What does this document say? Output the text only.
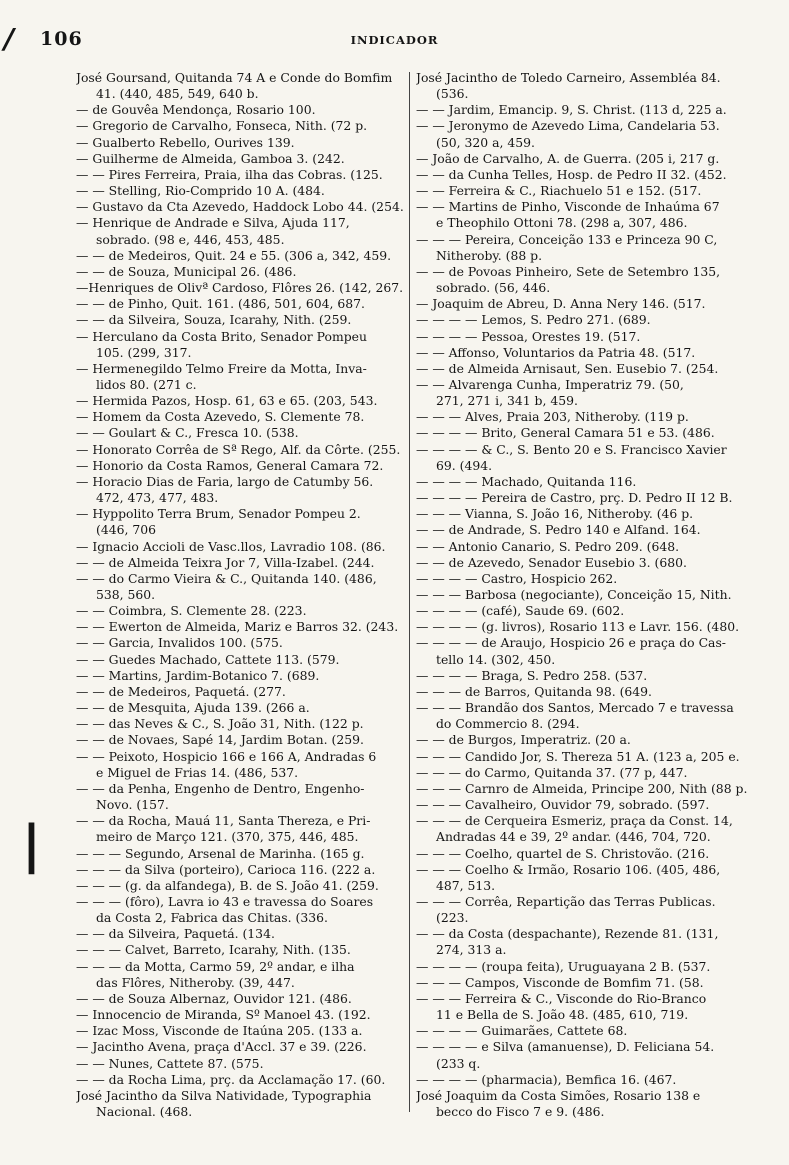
106	INDICADOR
/
|
José Goursand, Quitanda 74 A e Conde do Bomfim
41. (440, 485, 549, 640 b.
— de Gouvêa Mendonça, Rosario 100.
— Gregorio de Carvalho, Fonseca, Nith. (72 p.
— Gualberto Rebello, Ourives 139.
— Guilherme de Almeida, Gamboa 3. (242.
— — Pires Ferreira, Praia, ilha das Cobras. (125.
— — Stelling, Rio-Comprido 10 A. (484.
— Gustavo da Cta Azevedo, Haddock Lobo 44. (254.
— Henrique de Andrade e Silva, Ajuda 117,
sobrado. (98 e, 446, 453, 485.
— — de Medeiros, Quit. 24 e 55. (306 a, 342, 459.
— — de Souza, Municipal 26. (486.
—Henriques de Olivª Cardoso, Flôres 26. (142, 267.
— — de Pinho, Quit. 161. (486, 501, 604, 687.
— — da Silveira, Souza, Icarahy, Nith. (259.
— Herculano da Costa Brito, Senador Pompeu
105. (299, 317.
— Hermenegildo Telmo Freire da Motta, Inva-
lidos 80. (271 c.
— Hermida Pazos, Hosp. 61, 63 e 65. (203, 543.
— Homem da Costa Azevedo, S. Clemente 78.
— — Goulart & C., Fresca 10. (538.
— Honorato Corrêa de Sª Rego, Alf. da Côrte. (255.
— Honorio da Costa Ramos, General Camara 72.
— Horacio Dias de Faria, largo de Catumby 56.
472, 473, 477, 483.
— Hyppolito Terra Brum, Senador Pompeu 2.
(446, 706
— Ignacio Accioli de Vasc.llos, Lavradio 108. (86.
— — de Almeida Teixra Jor 7, Villa-Izabel. (244.
— — do Carmo Vieira & C., Quitanda 140. (486,
538, 560.
— — Coimbra, S. Clemente 28. (223.
— — Ewerton de Almeida, Mariz e Barros 32. (243.
— — Garcia, Invalidos 100. (575.
— — Guedes Machado, Cattete 113. (579.
— — Martins, Jardim-Botanico 7. (689.
— — de Medeiros, Paquetá. (277.
— — de Mesquita, Ajuda 139. (266 a.
— — das Neves & C., S. João 31, Nith. (122 p.
— — de Novaes, Sapé 14, Jardim Botan. (259.
— — Peixoto, Hospicio 166 e 166 A, Andradas 6
e Miguel de Frias 14. (486, 537.
— — da Penha, Engenho de Dentro, Engenho-
Novo. (157.
— — da Rocha, Mauá 11, Santa Thereza, e Pri-
meiro de Março 121. (370, 375, 446, 485.
— — — Segundo, Arsenal de Marinha. (165 g.
— — — da Silva (porteiro), Carioca 116. (222 a.
— — — (g. da alfandega), B. de S. João 41. (259.
— — — (fôro), Lavra io 43 e travessa do Soares
da Costa 2, Fabrica das Chitas. (336.
— — da Silveira, Paquetá. (134.
— — — Calvet, Barreto, Icarahy, Nith. (135.
— — — da Motta, Carmo 59, 2º andar, e ilha
das Flôres, Nitheroby. (39, 447.
— — de Souza Albernaz, Ouvidor 121. (486.
— Innocencio de Miranda, Sº Manoel 43. (192.
— Izac Moss, Visconde de Itaúna 205. (133 a.
— Jacintho Avena, praça d'Accl. 37 e 39. (226.
— — Nunes, Cattete 87. (575.
— — da Rocha Lima, prç. da Acclamação 17. (60.
José Jacintho da Silva Natividade, Typographia
Nacional. (468.
José Jacintho de Toledo Carneiro, Assembléa 84.
(536.
— — Jardim, Emancip. 9, S. Christ. (113 d, 225 a.
— — Jeronymo de Azevedo Lima, Candelaria 53.
(50, 320 a, 459.
— João de Carvalho, A. de Guerra. (205 i, 217 g.
— — da Cunha Telles, Hosp. de Pedro II 32. (452.
— — Ferreira & C., Riachuelo 51 e 152. (517.
— — Martins de Pinho, Visconde de Inhaúma 67
e Theophilo Ottoni 78. (298 a, 307, 486.
— — — Pereira, Conceição 133 e Princeza 90 C,
Nitheroby. (88 p.
— — de Povoas Pinheiro, Sete de Setembro 135,
sobrado. (56, 446.
— Joaquim de Abreu, D. Anna Nery 146. (517.
— — — — Lemos, S. Pedro 271. (689.
— — — — Pessoa, Orestes 19. (517.
— — Affonso, Voluntarios da Patria 48. (517.
— — de Almeida Arnisaut, Sen. Eusebio 7. (254.
— — Alvarenga Cunha, Imperatriz 79. (50,
271, 271 i, 341 b, 459.
— — — Alves, Praia 203, Nitheroby. (119 p.
— — — — Brito, General Camara 51 e 53. (486.
— — — — & C., S. Bento 20 e S. Francisco Xavier
69. (494.
— — — — Machado, Quitanda 116.
— — — — Pereira de Castro, prç. D. Pedro II 12 B.
— — — Vianna, S. João 16, Nitheroby. (46 p.
— — de Andrade, S. Pedro 140 e Alfand. 164.
— — Antonio Canario, S. Pedro 209. (648.
— — de Azevedo, Senador Eusebio 3. (680.
— — — — Castro, Hospicio 262.
— — — Barbosa (negociante), Conceição 15, Nith.
— — — — (café), Saude 69. (602.
— — — — (g. livros), Rosario 113 e Lavr. 156. (480.
— — — — de Araujo, Hospicio 26 e praça do Cas-
tello 14. (302, 450.
— — — — Braga, S. Pedro 258. (537.
— — — de Barros, Quitanda 98. (649.
— — — Brandão dos Santos, Mercado 7 e travessa
do Commercio 8. (294.
— — de Burgos, Imperatriz. (20 a.
— — — Candido Jor, S. Thereza 51 A. (123 a, 205 e.
— — — do Carmo, Quitanda 37. (77 p, 447.
— — — Carnro de Almeida, Principe 200, Nith (88 p.
— — — Cavalheiro, Ouvidor 79, sobrado. (597.
— — — de Cerqueira Esmeriz, praça da Const. 14,
Andradas 44 e 39, 2º andar. (446, 704, 720.
— — — Coelho, quartel de S. Christovão. (216.
— — — Coelho & Irmão, Rosario 106. (405, 486,
487, 513.
— — — Corrêa, Repartição das Terras Publicas.
(223.
— — da Costa (despachante), Rezende 81. (131,
274, 313 a.
— — — — (roupa feita), Uruguayana 2 B. (537.
— — — Campos, Visconde de Bomfim 71. (58.
— — — Ferreira & C., Visconde do Rio-Branco
11 e Bella de S. João 48. (485, 610, 719.
— — — — Guimarães, Cattete 68.
— — — — e Silva (amanuense), D. Feliciana 54.
(233 q.
— — — — (pharmacia), Bemfica 16. (467.
José Joaquim da Costa Simões, Rosario 138 e
becco do Fisco 7 e 9. (486.
